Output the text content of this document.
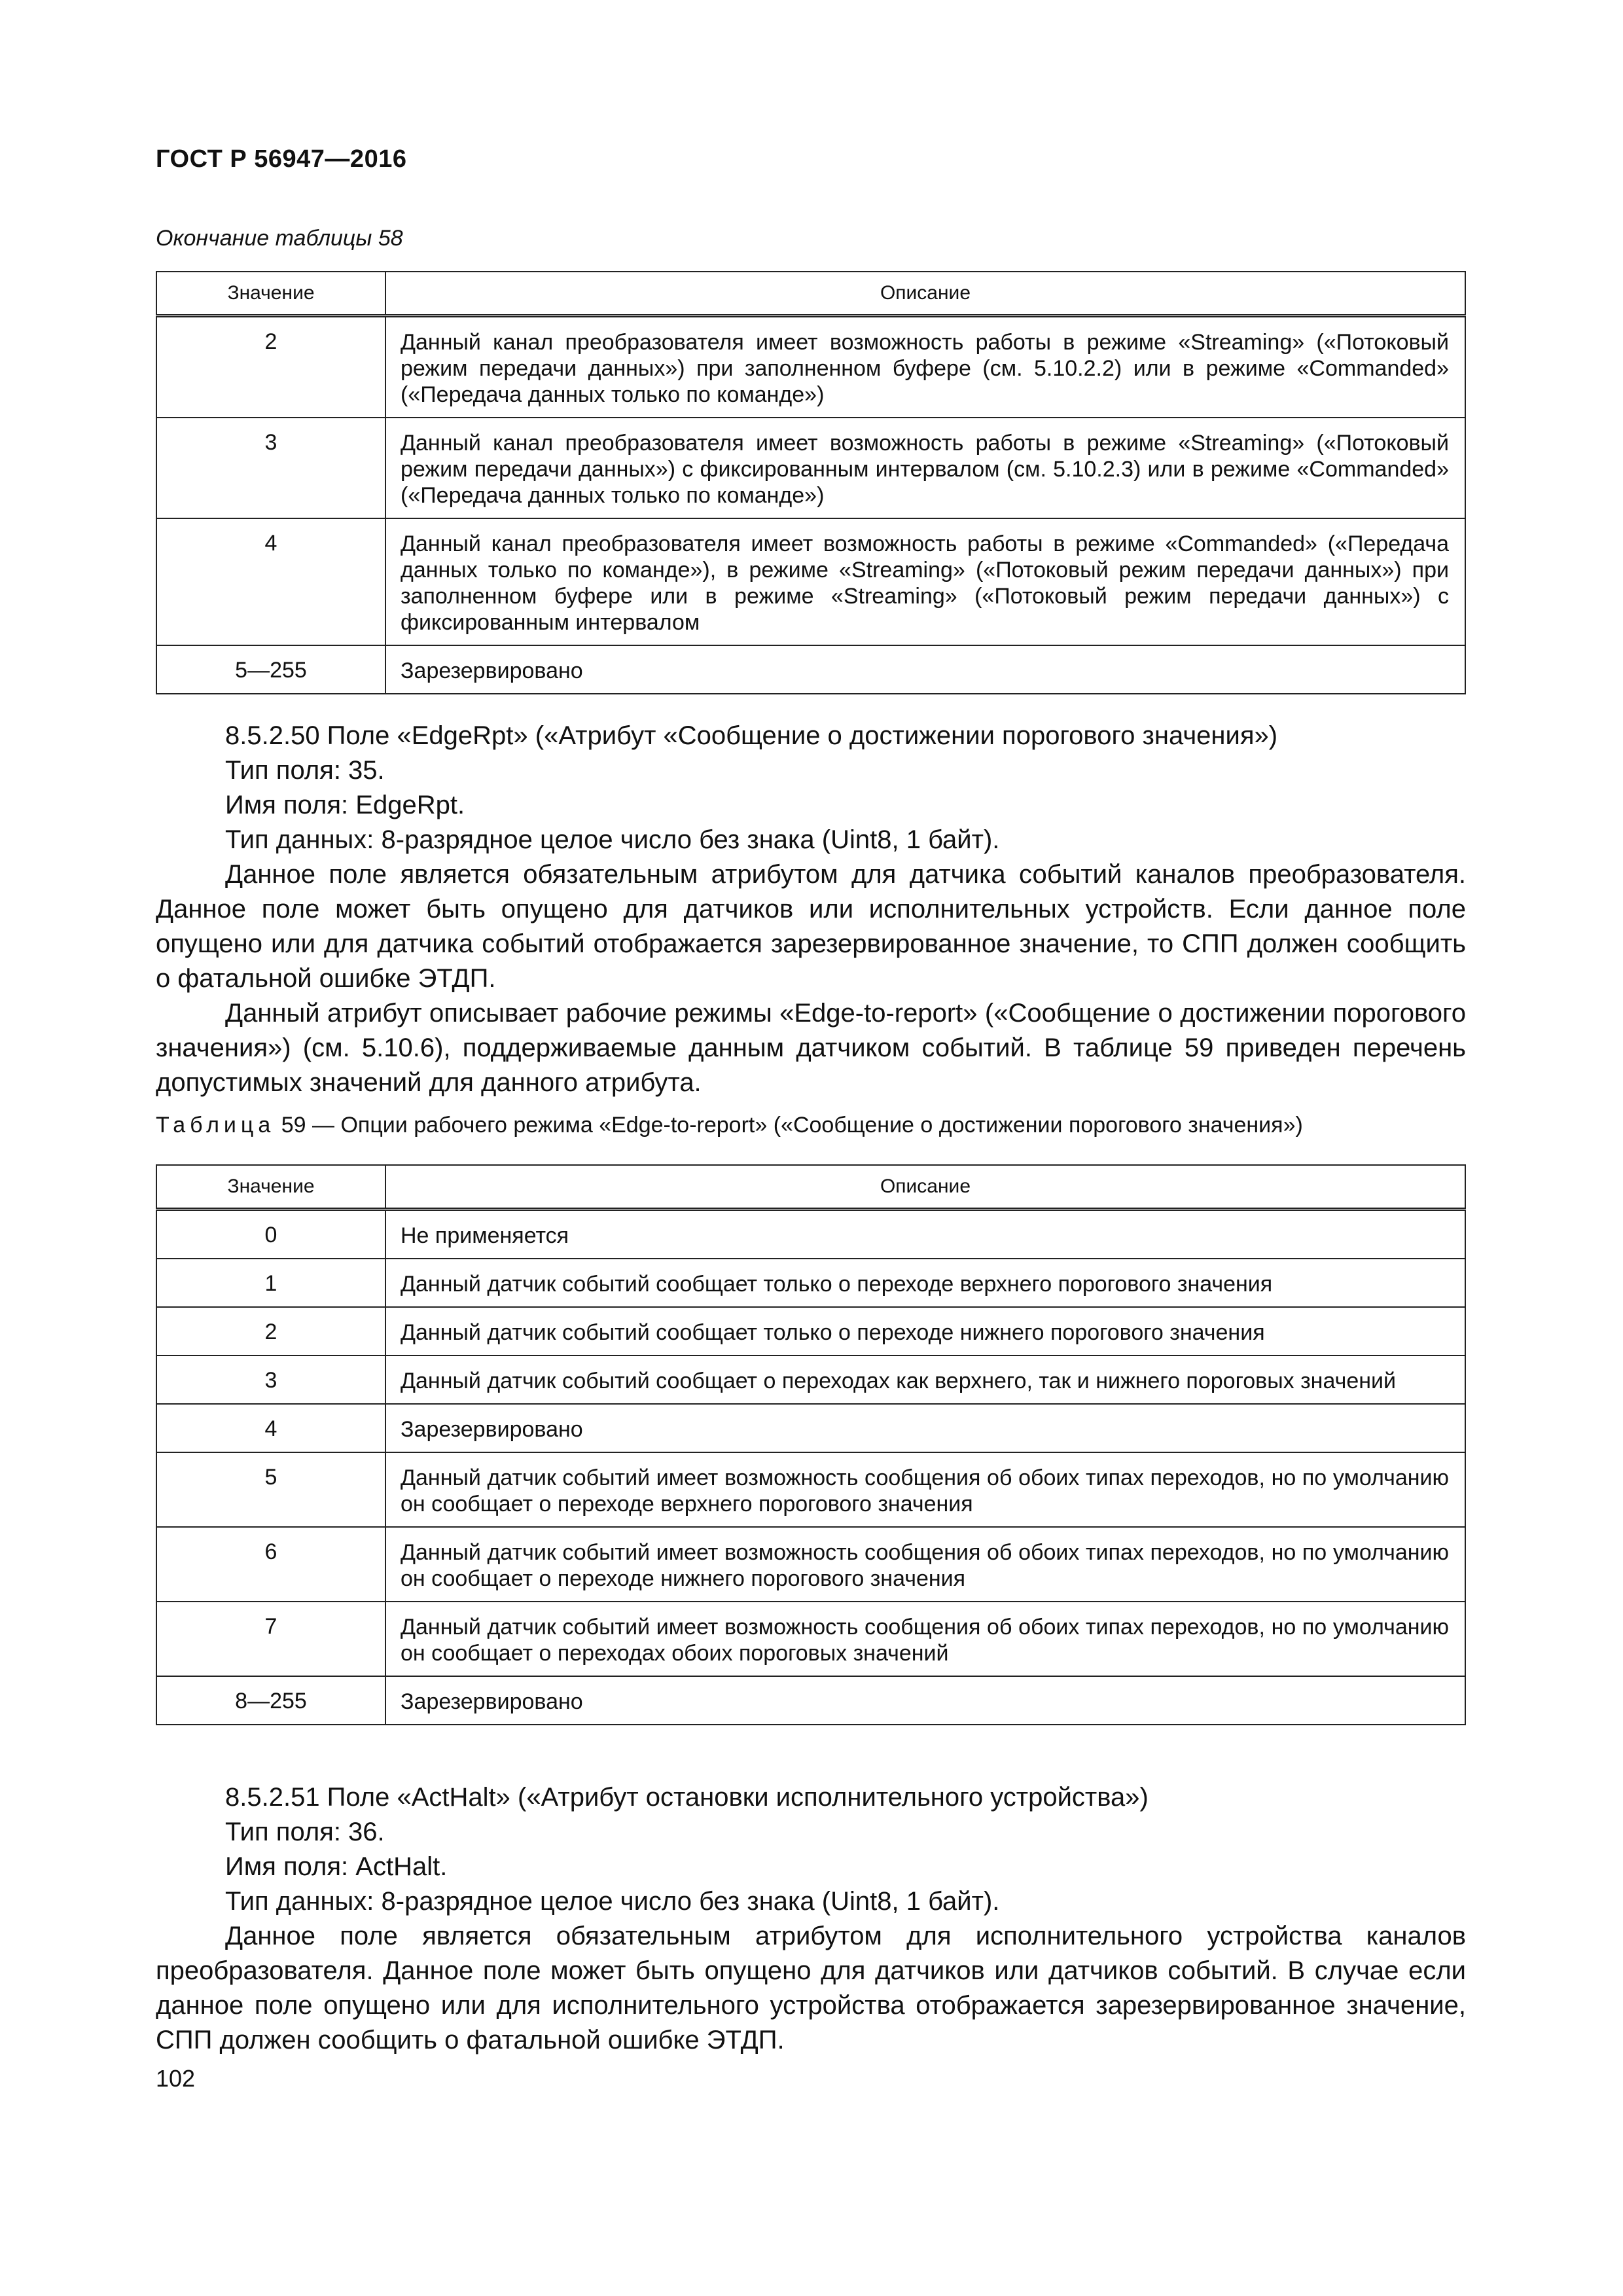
ГОСТ Р 56947—2016
Окончание таблицы 58
Значение	Описание
2	Данный канал преобразователя имеет возможность работы в режиме «Streaming» («Потоковый режим передачи данных») при заполненном буфере (см. 5.10.2.2) или в режиме «Commanded» («Передача данных только по команде»)
3	Данный канал преобразователя имеет возможность работы в режиме «Streaming» («Потоковый режим передачи данных») с фиксированным интервалом (см. 5.10.2.3) или в режиме «Commanded» («Передача данных только по команде»)
4	Данный канал преобразователя имеет возможность работы в режиме «Commanded» («Передача данных только по команде»), в режиме «Streaming» («Потоковый режим передачи данных») при заполненном буфере или в режиме «Streaming» («Потоковый режим передачи данных») с фиксированным интервалом
5—255	Зарезервировано

8.5.2.50 Поле «EdgeRpt» («Атрибут «Сообщение о достижении порогового значения»)

Тип поля: 35.

Имя поля: EdgeRpt.

Тип данных: 8-разрядное целое число без знака (Uint8, 1 байт).

Данное поле является обязательным атрибутом для датчика событий каналов преобразователя. Данное поле может быть опущено для датчиков или исполнительных устройств. Если данное поле опущено или для датчика событий отображается зарезервированное значение, то СПП должен сообщить о фатальной ошибке ЭТДП.

Данный атрибут описывает рабочие режимы «Edge-to-report» («Сообщение о достижении порогового значения») (см. 5.10.6), поддерживаемые данным датчиком событий. В таблице 59 приведен перечень допустимых значений для данного атрибута.

Таблица 59 — Опции рабочего режима «Edge-to-report» («Сообщение о достижении порогового значения»)
Значение	Описание
0	Не применяется
1	Данный датчик событий сообщает только о переходе верхнего порогового значения
2	Данный датчик событий сообщает только о переходе нижнего порогового значения
3	Данный датчик событий сообщает о переходах как верхнего, так и нижнего пороговых значений
4	Зарезервировано
5	Данный датчик событий имеет возможность сообщения об обоих типах переходов, но по умолчанию он сообщает о переходе верхнего порогового значения
6	Данный датчик событий имеет возможность сообщения об обоих типах переходов, но по умолчанию он сообщает о переходе нижнего порогового значения
7	Данный датчик событий имеет возможность сообщения об обоих типах переходов, но по умолчанию он сообщает о переходах обоих пороговых значений
8—255	Зарезервировано

8.5.2.51 Поле «ActHalt» («Атрибут остановки исполнительного устройства»)

Тип поля: 36.

Имя поля: ActHalt.

Тип данных: 8-разрядное целое число без знака (Uint8, 1 байт).

Данное поле является обязательным атрибутом для исполнительного устройства каналов преобразователя. Данное поле может быть опущено для датчиков или датчиков событий. В случае если данное поле опущено или для исполнительного устройства отображается зарезервированное значение, СПП должен сообщить о фатальной ошибке ЭТДП.

102
